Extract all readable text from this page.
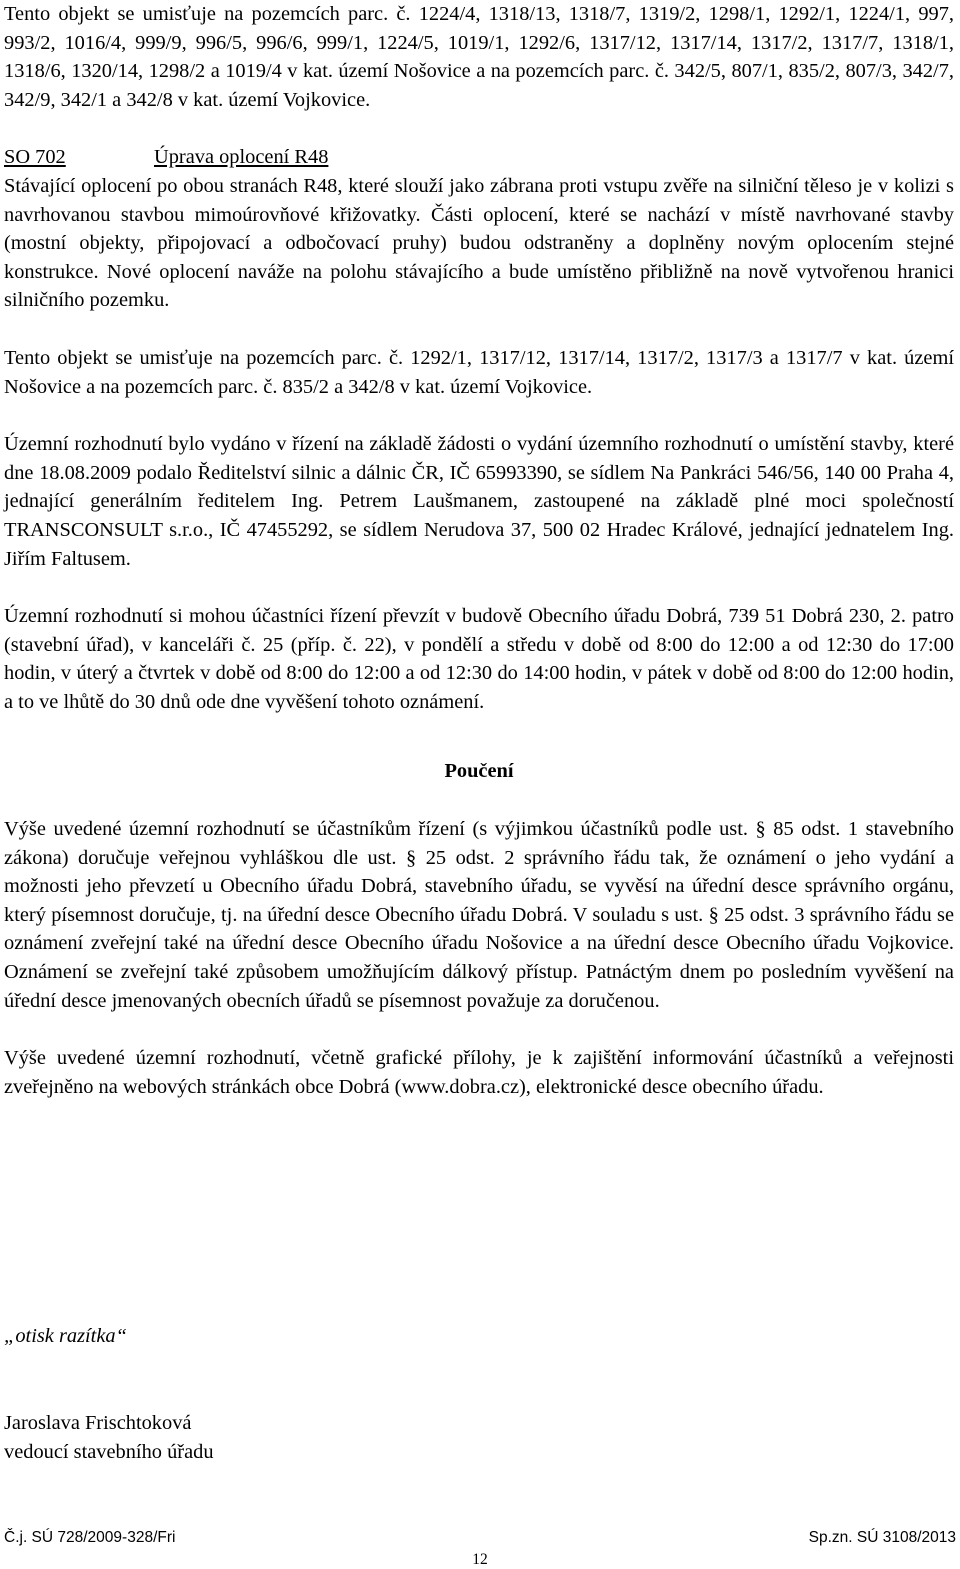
Tento objekt se umisťuje na pozemcích parc. č. 1224/4, 1318/13, 1318/7, 1319/2, 1298/1, 1292/1, 1224/1, 997, 993/2, 1016/4, 999/9, 996/5, 996/6, 999/1, 1224/5, 1019/1, 1292/6, 1317/12, 1317/14, 1317/2, 1317/7, 1318/1, 1318/6, 1320/14, 1298/2 a 1019/4 v kat. území Nošovice a na pozemcích parc. č. 342/5, 807/1, 835/2, 807/3, 342/7, 342/9, 342/1 a 342/8 v kat. území Vojkovice.

SO 702	Úprava oplocení R48

Stávající oplocení po obou stranách R48, které slouží jako zábrana proti vstupu zvěře na silniční těleso je v kolizi s navrhovanou stavbou mimoúrovňové křižovatky. Části oplocení, které se nachází v místě navrhované stavby (mostní objekty, připojovací a odbočovací pruhy) budou odstraněny a doplněny novým oplocením stejné konstrukce. Nové oplocení naváže na polohu stávajícího a bude umístěno přibližně na nově vytvořenou hranici silničního pozemku.

Tento objekt se umisťuje na pozemcích parc. č. 1292/1, 1317/12, 1317/14, 1317/2, 1317/3 a 1317/7 v kat. území Nošovice a na pozemcích parc. č. 835/2 a 342/8 v kat. území Vojkovice.

Územní rozhodnutí bylo vydáno v řízení na základě žádosti o vydání územního rozhodnutí o umístění stavby, které dne 18.08.2009 podalo Ředitelství silnic a dálnic ČR, IČ 65993390, se sídlem Na Pankráci 546/56, 140 00 Praha 4, jednající generálním ředitelem Ing. Petrem Laušmanem, zastoupené na základě plné moci společností TRANSCONSULT s.r.o., IČ 47455292, se sídlem Nerudova 37, 500 02 Hradec Králové, jednající jednatelem Ing. Jiřím Faltusem.

Územní rozhodnutí si mohou účastníci řízení převzít v budově Obecního úřadu Dobrá, 739 51 Dobrá 230, 2. patro (stavební úřad), v kanceláři č. 25 (příp. č. 22), v pondělí a středu v době od 8:00 do 12:00 a od 12:30 do 17:00 hodin, v úterý a čtvrtek v době od 8:00 do 12:00 a od 12:30 do 14:00 hodin, v pátek v době od 8:00 do 12:00 hodin, a to ve lhůtě do 30 dnů ode dne vyvěšení tohoto oznámení.

Poučení

Výše uvedené územní rozhodnutí se účastníkům řízení (s výjimkou účastníků podle ust. § 85 odst. 1 stavebního zákona) doručuje veřejnou vyhláškou dle ust. § 25 odst. 2 správního řádu tak, že oznámení o jeho vydání a možnosti jeho převzetí u Obecního úřadu Dobrá, stavebního úřadu, se vyvěsí na úřední desce správního orgánu, který písemnost doručuje, tj. na úřední desce Obecního úřadu Dobrá. V souladu s ust. § 25 odst. 3 správního řádu se oznámení zveřejní také na úřední desce Obecního úřadu Nošovice a na úřední desce Obecního úřadu Vojkovice. Oznámení se zveřejní také způsobem umožňujícím dálkový přístup. Patnáctým dnem po posledním vyvěšení na úřední desce jmenovaných obecních úřadů se písemnost považuje za doručenou.

Výše uvedené územní rozhodnutí, včetně grafické přílohy, je k zajištění informování účastníků a veřejnosti zveřejněno na webových stránkách obce Dobrá (www.dobra.cz), elektronické desce obecního úřadu.

„otisk razítka“
Jaroslava Frischtoková
vedoucí stavebního úřadu
Č.j. SÚ 728/2009-328/Fri	Sp.zn. SÚ 3108/2013
12
